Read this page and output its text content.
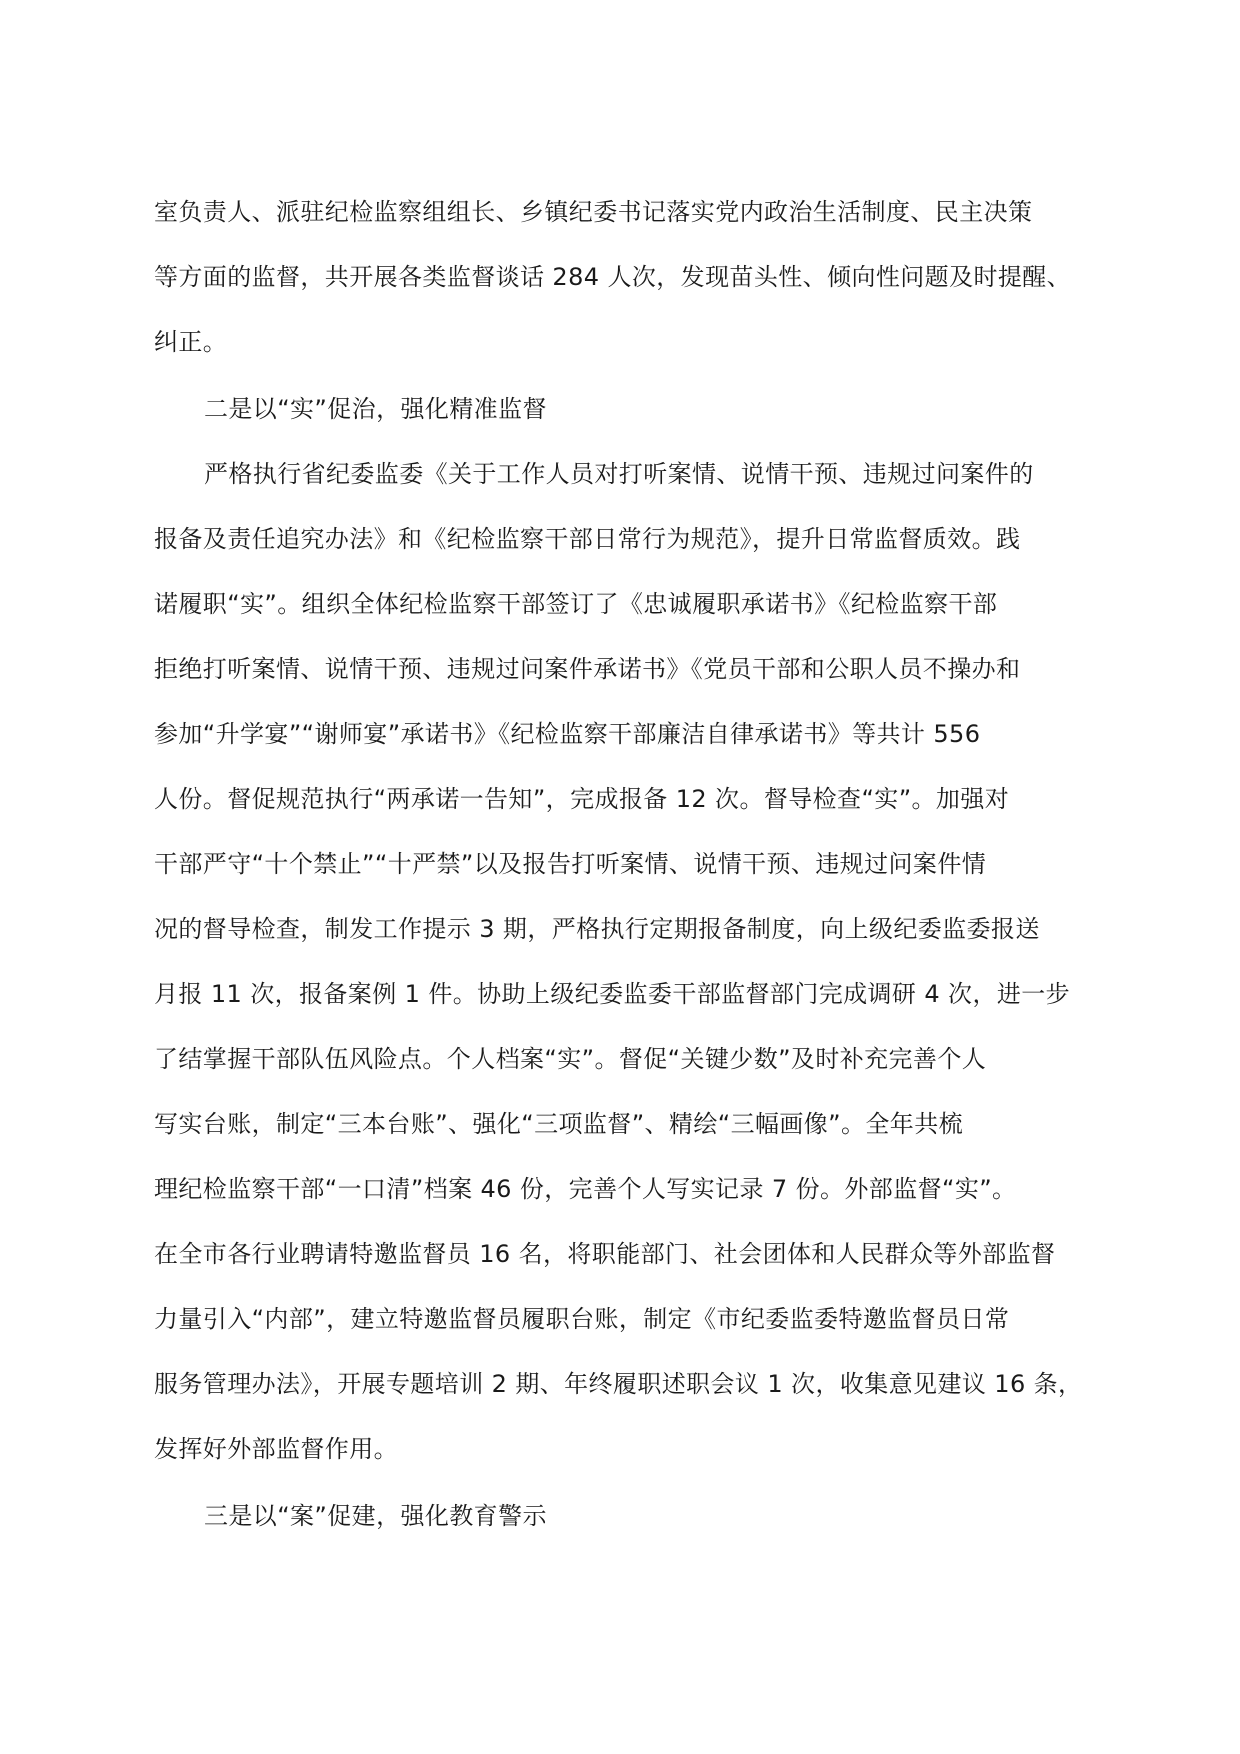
室负责人、派驻纪检监察组组长、乡镇纪委书记落实党内政治生活制度、民主决策
等方面的监督，共开展各类监督谈话 284 人次，发现苗头性、倾向性问题及时提醒、
纠正。
二是以“实”促治，强化精准监督
严格执行省纪委监委《关于工作人员对打听案情、说情干预、违规过问案件的
报备及责任追究办法》和《纪检监察干部日常行为规范》，提升日常监督质效。践
诺履职“实”。组织全体纪检监察干部签订了《忠诚履职承诺书》《纪检监察干部
拒绝打听案情、说情干预、违规过问案件承诺书》《党员干部和公职人员不操办和
参加“升学宴”“谢师宴”承诺书》《纪检监察干部廉洁自律承诺书》等共计 556
人份。督促规范执行“两承诺一告知”，完成报备 12 次。督导检查“实”。加强对
干部严守“十个禁止”“十严禁”以及报告打听案情、说情干预、违规过问案件情
况的督导检查，制发工作提示 3 期，严格执行定期报备制度，向上级纪委监委报送
月报 11 次，报备案例 1 件。协助上级纪委监委干部监督部门完成调研 4 次，进一步
了结掌握干部队伍风险点。个人档案“实”。督促“关键少数”及时补充完善个人
写实台账，制定“三本台账”、强化“三项监督”、精绘“三幅画像”。全年共梳
理纪检监察干部“一口清”档案 46 份，完善个人写实记录 7 份。外部监督“实”。
在全市各行业聘请特邀监督员 16 名，将职能部门、社会团体和人民群众等外部监督
力量引入“内部”，建立特邀监督员履职台账，制定《市纪委监委特邀监督员日常
服务管理办法》，开展专题培训 2 期、年终履职述职会议 1 次，收集意见建议 16 条，
发挥好外部监督作用。
三是以“案”促建，强化教育警示
